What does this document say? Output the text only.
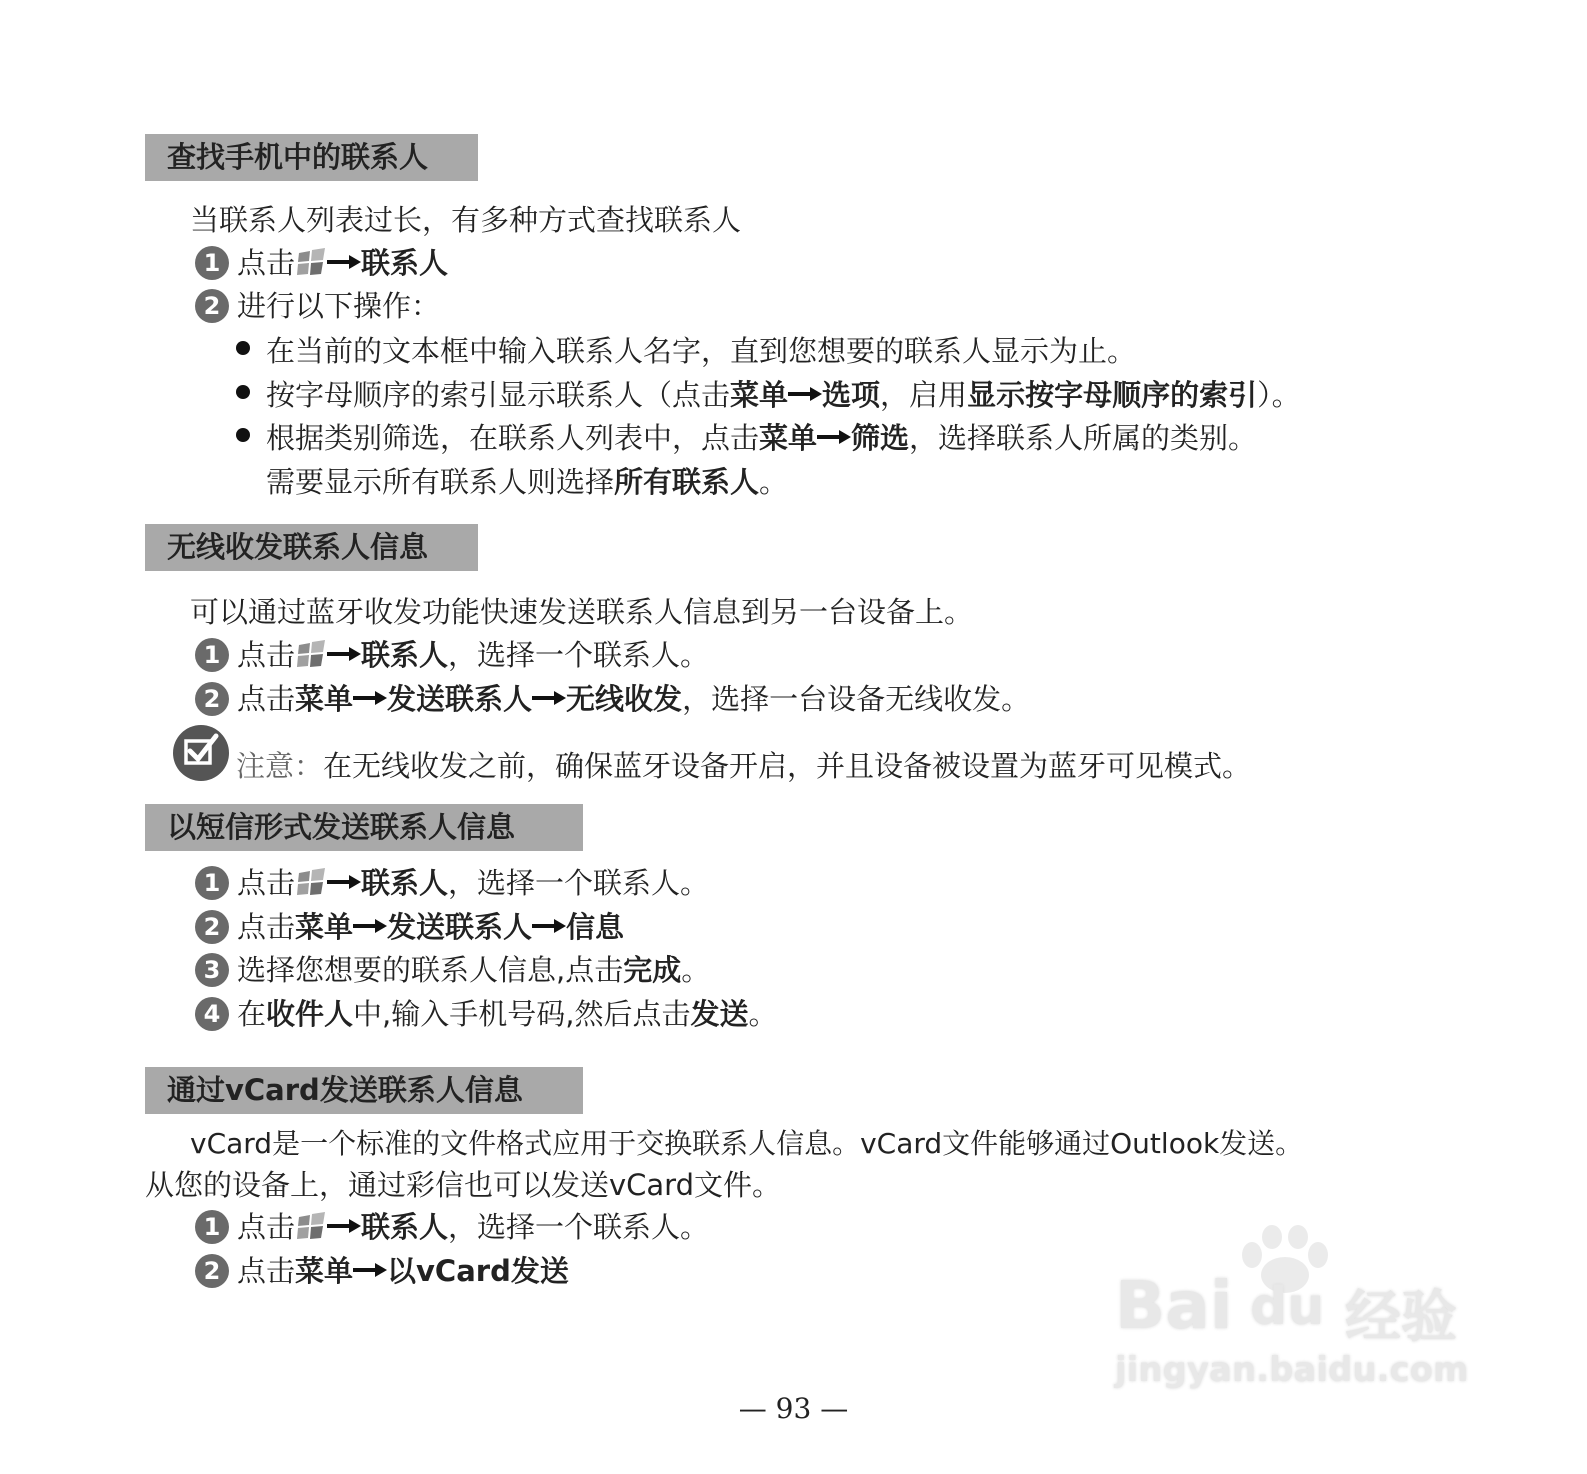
查找手机中的联系人
当联系人列表过长，有多种方式查找联系人
1 点击 联系人
2 进行以下操作：
在当前的文本框中输入联系人名字，直到您想要的联系人显示为止。
按字母顺序的索引显示联系人（点击菜单 选项，启用显示按字母顺序的索引）。
根据类别筛选，在联系人列表中，点击菜单 筛选，选择联系人所属的类别。
需要显示所有联系人则选择所有联系人。
无线收发联系人信息
可以通过蓝牙收发功能快速发送联系人信息到另一台设备上。
1 点击 联系人，选择一个联系人。
2 点击菜单 发送联系人 无线收发，选择一台设备无线收发。
注意：在无线收发之前，确保蓝牙设备开启，并且设备被设置为蓝牙可见模式。
以短信形式发送联系人信息
1 点击 联系人，选择一个联系人。
2 点击菜单 发送联系人 信息
3 选择您想要的联系人信息,点击完成。
4 在收件人中,输入手机号码,然后点击发送。
通过vCard发送联系人信息
vCard是一个标准的文件格式应用于交换联系人信息。vCard文件能够通过Outlook发送。
从您的设备上，通过彩信也可以发送vCard文件。
1 点击 联系人，选择一个联系人。
2 点击菜单 以vCard发送	Bai du 经验
jingyan.baidu.com
— 93 —
